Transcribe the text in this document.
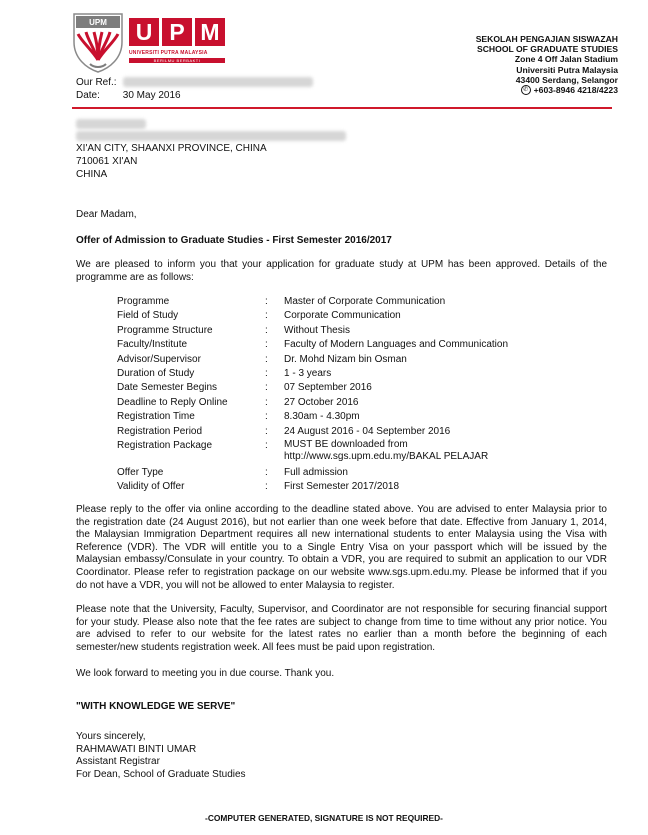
UPM U P M
UNIVERSITI PUTRA MALAYSIA
BERILMU BERBAKTI
SEKOLAH PENGAJIAN SISWAZAH
SCHOOL OF GRADUATE STUDIES
Zone 4 Off Jalan Stadium
Universiti Putra Malaysia
43400 Serdang, Selangor
✆ +603-8946 4218/4223
Our Ref.:
Date: 30 May 2016
XI'AN CITY, SHAANXI PROVINCE, CHINA
710061 XI'AN
CHINA
Dear Madam,
Offer of Admission to Graduate Studies - First Semester 2016/2017
We are pleased to inform you that your application for graduate study at UPM has been approved. Details of the programme are as follows:
Programme	:	Master of Corporate Communication
Field of Study	:	Corporate Communication
Programme Structure	:	Without Thesis
Faculty/Institute	:	Faculty of Modern Languages and Communication
Advisor/Supervisor	:	Dr. Mohd Nizam bin Osman
Duration of Study	:	1 - 3 years
Date Semester Begins	:	07 September 2016
Deadline to Reply Online	:	27 October 2016
Registration Time	:	8.30am - 4.30pm
Registration Period	:	24 August 2016 - 04 September 2016
Registration Package	:	MUST BE downloaded from http://www.sgs.upm.edu.my/BAKAL PELAJAR
Offer Type	:	Full admission
Validity of Offer	:	First Semester 2017/2018
Please reply to the offer via online according to the deadline stated above. You are advised to enter Malaysia prior to the registration date (24 August 2016), but not earlier than one week before that date. Effective from January 1, 2014, the Malaysian Immigration Department requires all new international students to enter Malaysia using the Visa with Reference (VDR). The VDR will entitle you to a Single Entry Visa on your passport which will be issued by the Malaysian embassy/Consulate in your country. To obtain a VDR, you are required to submit an application to our VDR Coordinator. Please refer to registration package on our website www.sgs.upm.edu.my. Please be informed that if you do not have a VDR, you will not be allowed to enter Malaysia to register.
Please note that the University, Faculty, Supervisor, and Coordinator are not responsible for securing financial support for your study. Please also note that the fee rates are subject to change from time to time without any prior notice. You are advised to refer to our website for the latest rates no earlier than a month before the beginning of each semester/new students registration week. All fees must be paid upon registration.
We look forward to meeting you in due course. Thank you.
"WITH KNOWLEDGE WE SERVE"
Yours sincerely,
RAHMAWATI BINTI UMAR
Assistant Registrar
For Dean, School of Graduate Studies
-COMPUTER GENERATED, SIGNATURE IS NOT REQUIRED-
